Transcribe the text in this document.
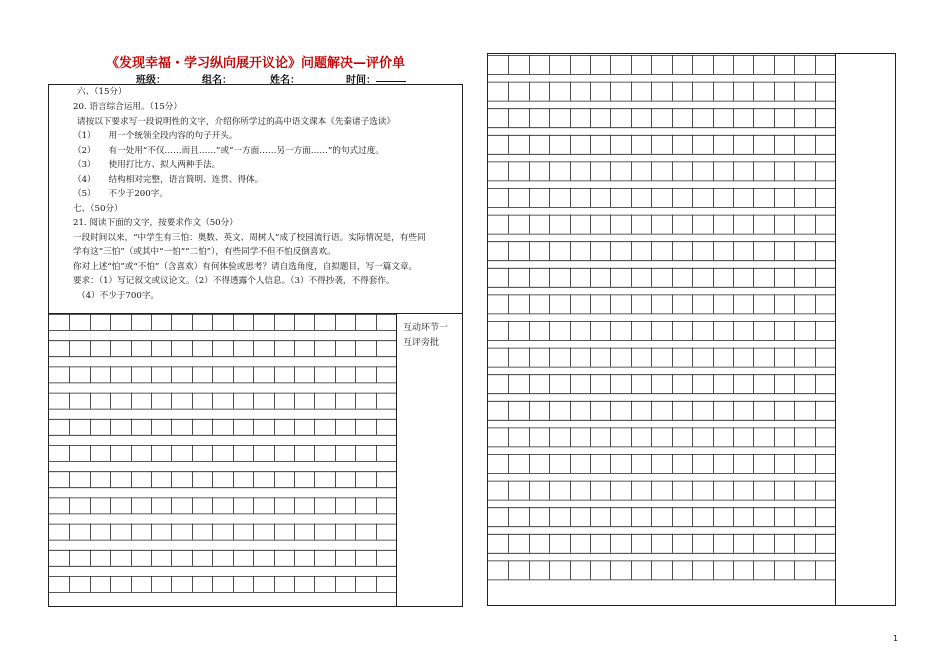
《发现幸福・学习纵向展开议论》问题解决—评价单
班级：	组名：	姓名：	时间：
六、（15分）
20. 语言综合运用。（15分）
请按以下要求写一段说明性的文字，介绍你所学过的高中语文课本《先秦诸子选读》
（1）　　用一个统领全段内容的句子开头。
（2）　　有一处用“不仅……而且……”或“一方面……另一方面……”的句式过度。
（3）　　使用打比方、拟人两种手法。
（4）　　结构相对完整，语言简明、连贯、得体。
（5）　　不少于200字。
七、（50分）
21. 阅读下面的文字，按要求作文（50分）
一段时间以来，“中学生有三怕：奥数、英文、周树人”成了校园流行语。实际情况是，有些同
学有这“三怕”（或其中“一怕”“二怕”），有些同学不但不怕反倒喜欢。
你对上述“怕”或“不怕”（含喜欢）有何体验或思考？请自选角度，自拟题目，写一篇文章。
要求：（1）写记叙文或议论文。（2）不得透露个人信息。（3）不得抄袭，不得套作。
（4）不少于700字。
互动环节一
互评旁批
1
